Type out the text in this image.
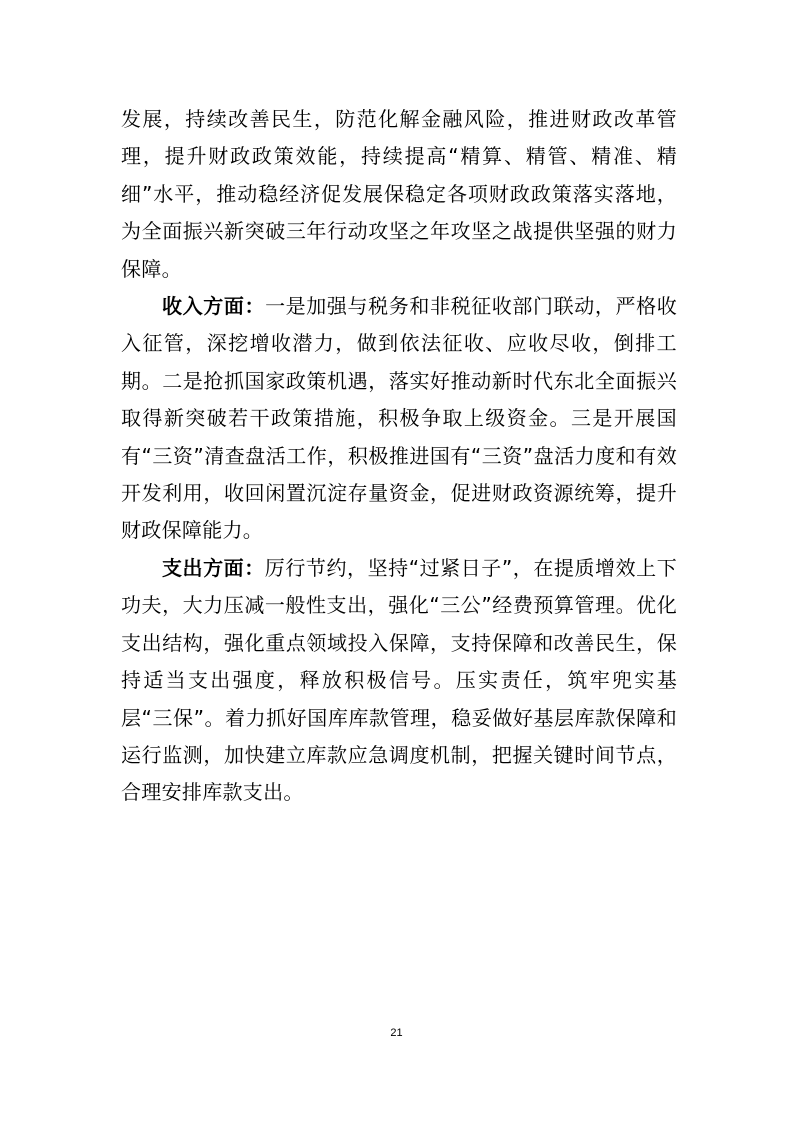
发展，持续改善民生，防范化解金融风险，推进财政改革管理，提升财政政策效能，持续提高“精算、精管、精准、精细”水平，推动稳经济促发展保稳定各项财政政策落实落地，为全面振兴新突破三年行动攻坚之年攻坚之战提供坚强的财力保障。

收入方面：一是加强与税务和非税征收部门联动，严格收入征管，深挖增收潜力，做到依法征收、应收尽收，倒排工期。二是抢抓国家政策机遇，落实好推动新时代东北全面振兴取得新突破若干政策措施，积极争取上级资金。三是开展国有“三资”清查盘活工作，积极推进国有“三资”盘活力度和有效开发利用，收回闲置沉淀存量资金，促进财政资源统筹，提升财政保障能力。

支出方面：厉行节约，坚持“过紧日子”，在提质增效上下功夫，大力压减一般性支出，强化“三公”经费预算管理。优化支出结构，强化重点领域投入保障，支持保障和改善民生，保持适当支出强度，释放积极信号。压实责任，筑牢兜实基层“三保”。着力抓好国库库款管理，稳妥做好基层库款保障和运行监测，加快建立库款应急调度机制，把握关键时间节点，合理安排库款支出。

21
